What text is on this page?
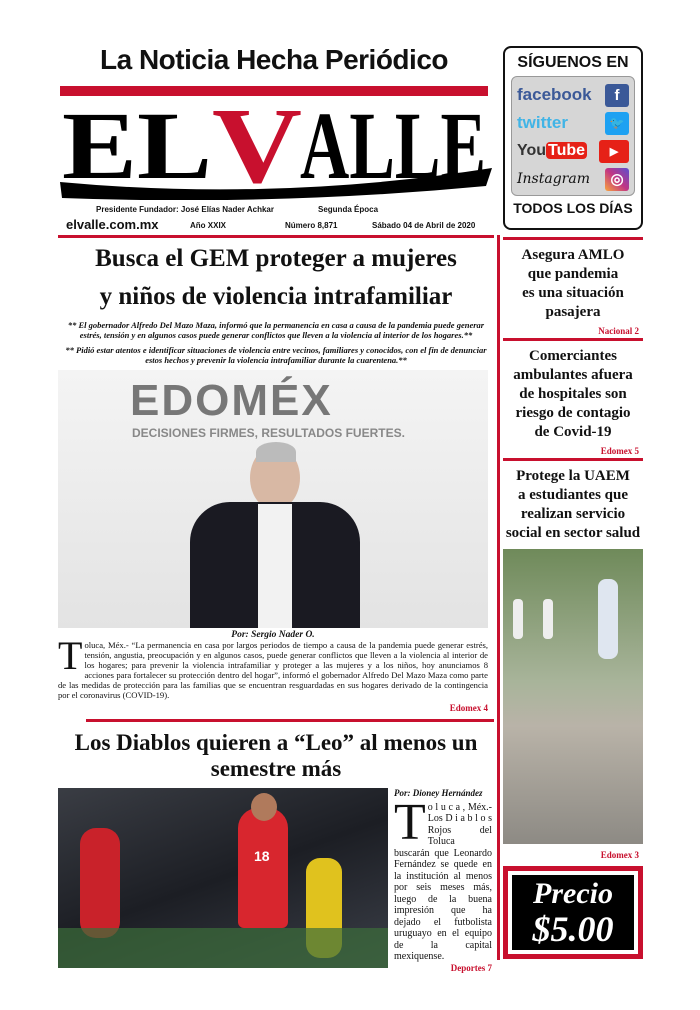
La Noticia Hecha Periódico
EL V
ALLE
Presidente Fundador: José Elías Nader Achkar	Segunda Época
elvalle.com.mx	Año XXIX	Número 8,871	Sábado 04 de Abril de 2020
Busca el GEM proteger a mujeres
y niños de violencia intrafamiliar

** El gobernador Alfredo Del Mazo Maza, informó que la permanencia en casa a causa de la pandemia puede generar estrés, tensión y en algunos casos puede generar conflictos que lleven a la violencia al interior de los hogares.**

** Pidió estar atentos e identificar situaciones de violencia entre vecinos, familiares y conocidos, con el fin de denunciar estos hechos y prevenir la violencia intrafamiliar durante la cuarentena.**

EDOMÉX
DECISIONES FIRMES, RESULTADOS FUERTES.
Por: Sergio Nader O.
Toluca, Méx.- “La permanencia en casa por largos periodos de tiempo a causa de la pandemia puede generar estrés, tensión, angustia, preocupación y en algunos casos, puede generar conflictos que lleven a la violencia al interior de los hogares; para prevenir la violencia intrafamiliar y proteger a las mujeres y a los niños, hoy anunciamos 8 acciones para fortalecer su protección dentro del hogar”, informó el gobernador Alfredo Del Mazo Maza como parte de las medidas de protección para las familias que se encuentran resguardadas en sus hogares derivado de la contingencia por el coronavirus (COVID-19).
Edomex 4
Los Diablos quieren a “Leo” al menos un semestre más
18
Por: Dioney Hernández
T o l u c a , Méx.- Los D i a b l o s Rojos del Toluca buscarán que Leonardo Fernández se quede en la institución al menos por seis meses más, luego de la buena impresión que ha dejado el futbolista uruguayo en el equipo de la capital mexiquense.
Deportes 7
SÍGUENOS EN
facebook	f
twitter	🐦
You Tube	▶
Instagram	◎
TODOS LOS DÍAS
Asegura AMLO
que pandemia
es una situación
pasajera
Nacional 2
Comerciantes
ambulantes afuera
de hospitales son
riesgo de contagio
de Covid-19
Edomex 5
Protege la UAEM
a estudiantes que
realizan servicio
social en sector salud
Edomex 3
Precio
$5.00
